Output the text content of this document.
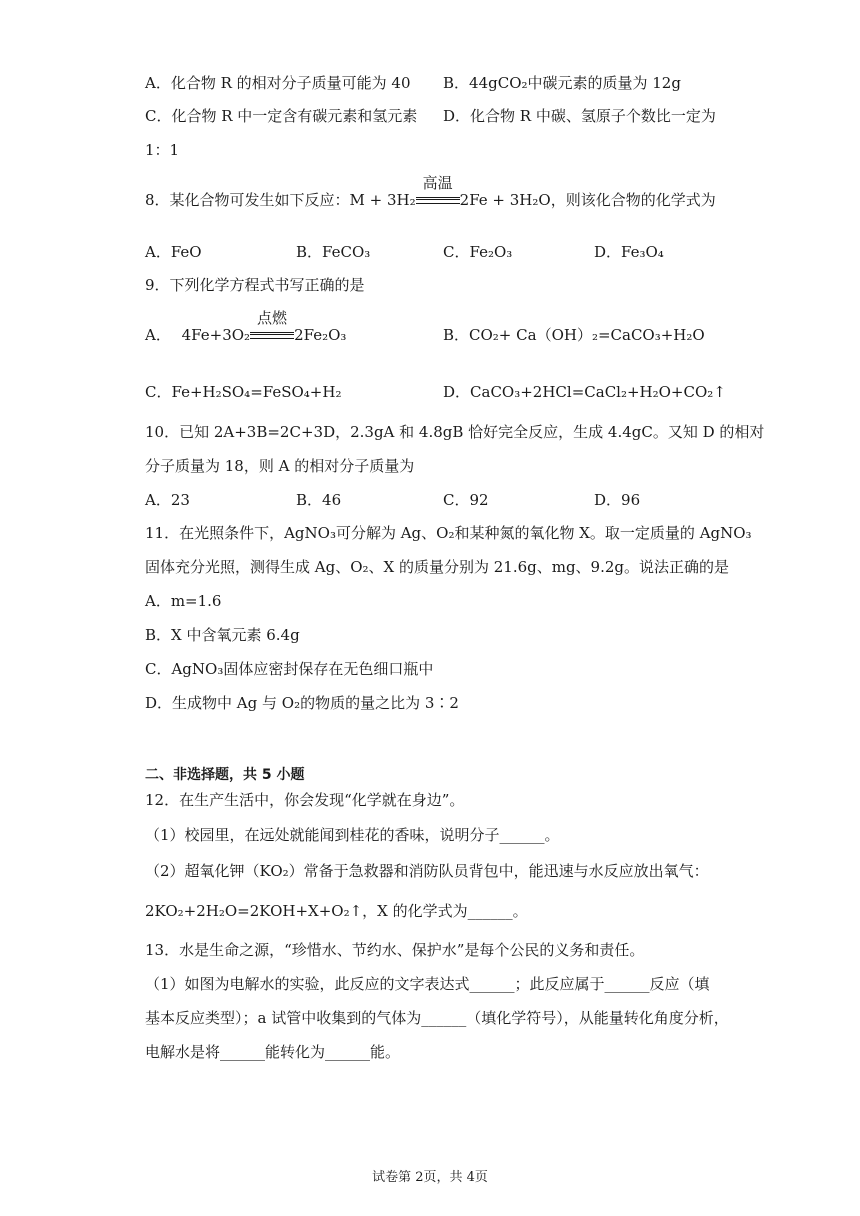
A．化合物 R 的相对分子质量可能为 40 B．44gCO₂中碳元素的质量为 12g
C．化合物 R 中一定含有碳元素和氢元素 D．化合物 R 中碳、氢原子个数比一定为
1：1
8．某化合物可发生如下反应：M + 3H₂
高温
2Fe + 3H₂O，则该化合物的化学式为
A．FeO	B．FeCO₃	C．Fe₂O₃	D．Fe₃O₄
9．下列化学方程式书写正确的是
A． 4Fe+3O₂
点燃
2Fe₂O₃	B．CO₂+ Ca（OH）₂=CaCO₃+H₂O
C．Fe+H₂SO₄=FeSO₄+H₂	D．CaCO₃+2HCl=CaCl₂+H₂O+CO₂↑
10．已知 2A+3B=2C+3D，2.3gA 和 4.8gB 恰好完全反应，生成 4.4gC。又知 D 的相对
分子质量为 18，则 A 的相对分子质量为
A．23	B．46	C．92	D．96
11．在光照条件下，AgNO₃可分解为 Ag、O₂和某种氮的氧化物 X。取一定质量的 AgNO₃
固体充分光照，测得生成 Ag、O₂、X 的质量分别为 21.6g、mg、9.2g。说法正确的是
A．m=1.6
B．X 中含氧元素 6.4g
C．AgNO₃固体应密封保存在无色细口瓶中
D．生成物中 Ag 与 O₂的物质的量之比为 3∶2
二、非选择题，共 5 小题
12．在生产生活中，你会发现“化学就在身边”。
（1）校园里，在远处就能闻到桂花的香味，说明分子______。
（2）超氧化钾（KO₂）常备于急救器和消防队员背包中，能迅速与水反应放出氧气：
2KO₂+2H₂O=2KOH+X+O₂↑，X 的化学式为______。
13．水是生命之源，“珍惜水、节约水、保护水”是每个公民的义务和责任。
（1）如图为电解水的实验，此反应的文字表达式______；此反应属于______反应（填
基本反应类型）；a 试管中收集到的气体为______（填化学符号），从能量转化角度分析，
电解水是将______能转化为______能。
试卷第 2页，共 4页
